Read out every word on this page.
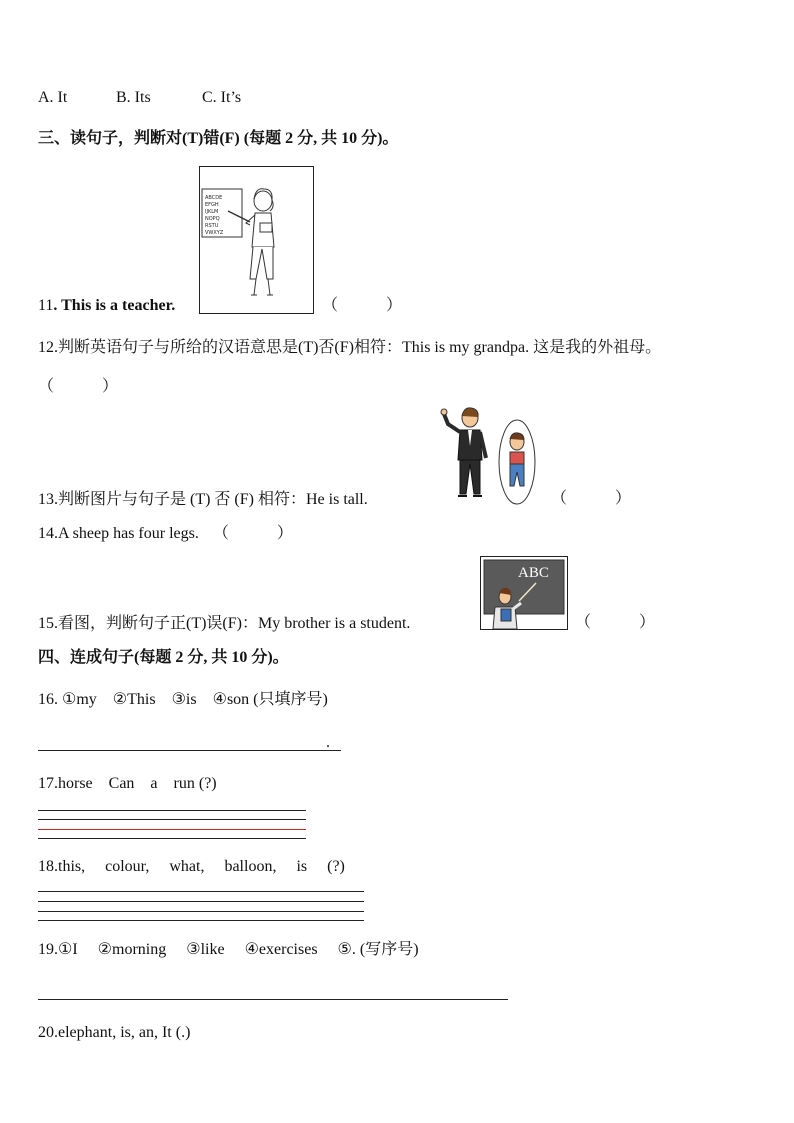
A. It	B. Its	C. It’s
三、读句子，判断对(T)错(F) (每题 2 分, 共 10 分)。
ABCDE
EFGH
IJKLM
NOPQ
RSTU
VWXYZ
11. This is a teacher.	（　　　）
12.判断英语句子与所给的汉语意思是(T)否(F)相符：This is my grandpa. 这是我的外祖母。
（　　　）
13.判断图片与句子是 (T) 否 (F) 相符：He is tall.	（　　　）
14.A sheep has four legs. （　　　）
ABC
15.看图，判断句子正(T)误(F)：My brother is a student.	（　　　）
四、连成句子(每题 2 分, 共 10 分)。
16. ①my　②This　③is　④son (只填序号)
.
17.horse　Can　a　run (?)
18.this,　 colour,　 what,　 balloon,　 is　 (?)
19.①I　 ②morning　 ③like　 ④exercises　 ⑤. (写序号)
20.elephant, is, an, It (.)
